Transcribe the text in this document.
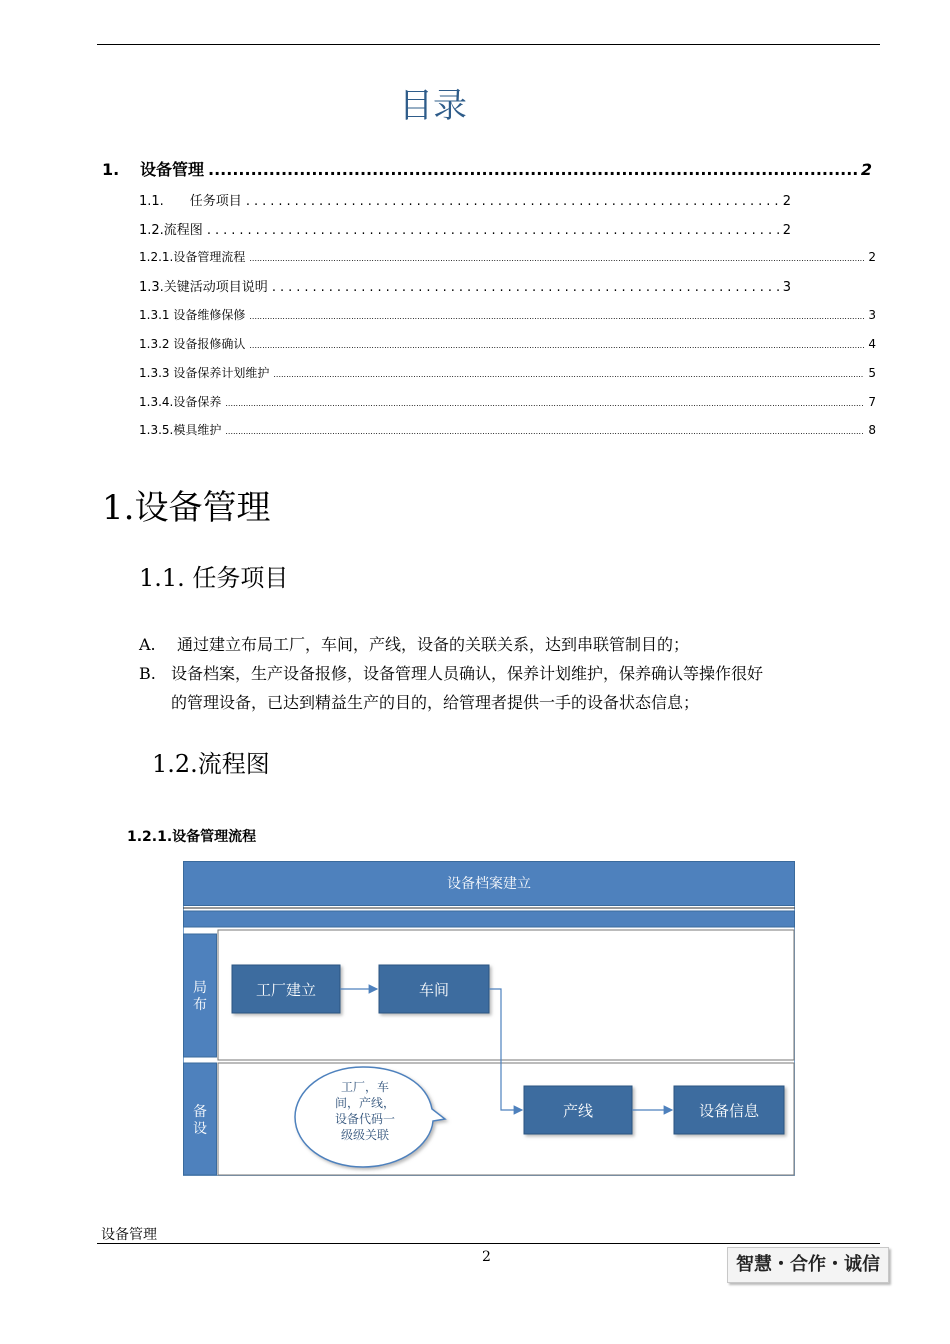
目录
1.	设备管理 .....	2
1.1.　　任务项目 .....	2
1.2.流程图 .....	2
1.2.1.设备管理流程 .....	2
1.3.关键活动项目说明 .....	3
1.3.1 设备维修保修 .....	3
1.3.2 设备报修确认 .....	4
1.3.3 设备保养计划维护 .....	5
1.3.4.设备保养 .....	7
1.3.5.模具维护 .....	8
1.设备管理
1.1. 任务项目
A. 通过建立布局工厂，车间，产线，设备的关联关系，达到串联管制目的；
B. 设备档案，生产设备报修，设备管理人员确认，保养计划维护，保养确认等操作很好
的管理设备，已达到精益生产的目的，给管理者提供一手的设备状态信息；
1.2.流程图
1.2.1.设备管理流程
设备档案建立
局
布
备
设
工厂建立	车间
产线	设备信息
工厂，车
间，产线，
设备代码一
级级关联
设备管理
2	智慧・合作・诚信
